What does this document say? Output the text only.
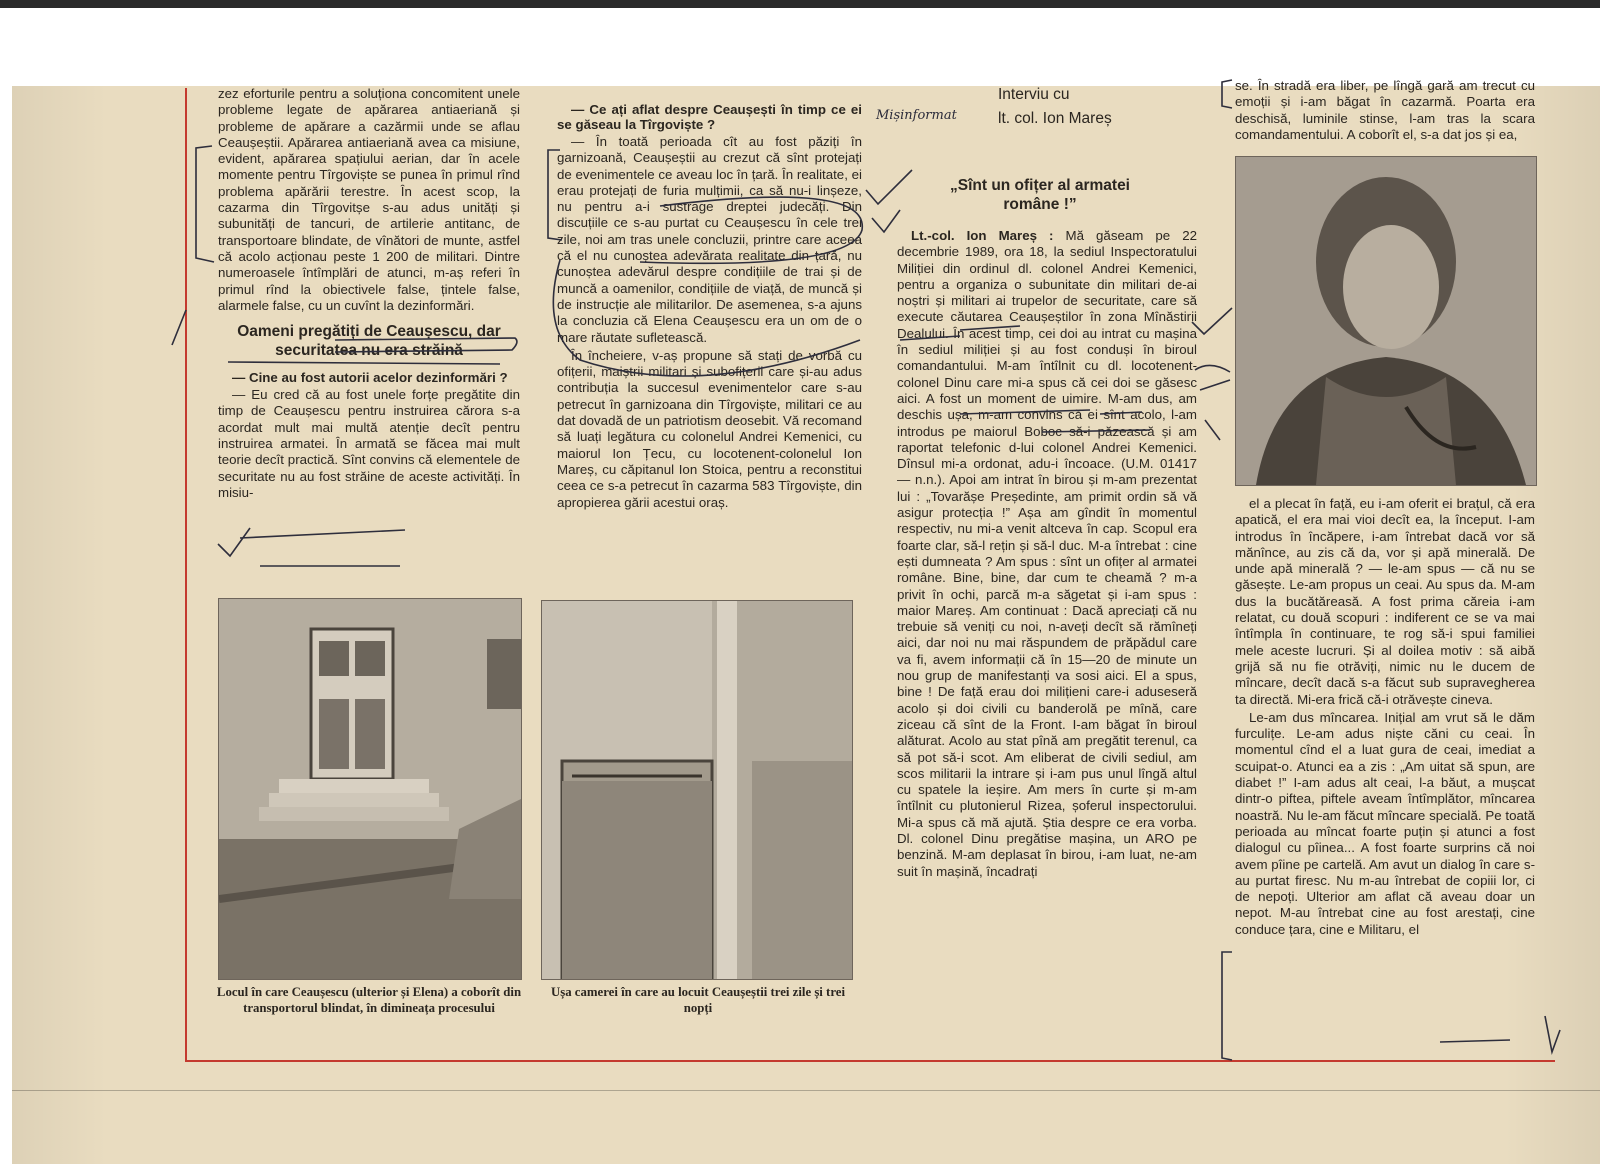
zez eforturile pentru a soluționa concomitent unele probleme legate de apărarea antiaeriană și probleme de apărare a cazărmii unde se aflau Ceaușeștii. Apărarea antiaeriană avea ca misiune, evident, apărarea spațiului aerian, dar în acele momente pentru Tîrgoviște se punea în primul rînd problema apărării terestre. În acest scop, la cazarma din Tîrgovitșe s-au adus unități și subunități de tancuri, de artilerie antitanc, de transportoare blindate, de vînători de munte, astfel că acolo acționau peste 1 200 de militari. Dintre numeroasele întîmplări de atunci, m-aș referi în primul rînd la obiectivele false, țintele false, alarmele false, cu un cuvînt la dezinformări.

Oameni pregătiți de Ceaușescu, dar securitatea nu era străină
— Cine au fost autorii acelor dezinformări ?

— Eu cred că au fost unele forțe pregătite din timp de Ceaușescu pentru instruirea cărora s-a acordat mult mai multă atenție decît pentru instruirea armatei. În armată se făcea mai mult teorie decît practică. Sînt convins că elementele de securitate nu au fost străine de aceste activități. În misiu-

— Ce ați aflat despre Ceaușești în timp ce ei se găseau la Tîrgoviște ?

— În toată perioada cît au fost păziți în garnizoană, Ceaușeștii au crezut că sînt protejați de evenimentele ce aveau loc în țară. În realitate, ei erau protejați de furia mulțimii, ca să nu-i linșeze, nu pentru a-i sustrage dreptei judecăți. Din discuțiile ce s-au purtat cu Ceaușescu în cele trei zile, noi am tras unele concluzii, printre care aceea că el nu cunoștea adevărata realitate din țară, nu cunoștea adevărul despre condițiile de trai și de muncă a oamenilor, condițiile de viață, de muncă și de instrucție ale militarilor. De asemenea, s-a ajuns la concluzia că Elena Ceaușescu era un om de o mare răutate sufletească.

În încheiere, v-aș propune să stați de vorbă cu ofițerii, maiștrii militari și subofițerii care și-au adus contribuția la succesul evenimentelor care s-au petrecut în garnizoana din Tîrgoviște, militari ce au dat dovadă de un patriotism deosebit. Vă recomand să luați legătura cu colonelul Andrei Kemenici, cu maiorul Ion Țecu, cu locotenent-colonelul Ion Mareș, cu căpitanul Ion Stoica, pentru a reconstitui ceea ce s-a petrecut în cazarma 583 Tîrgoviște, din apropierea gării acestui oraș.

Interviu cu
lt. col. Ion Mareș
„Sînt un ofițer al armatei române !”

Lt.-col. Ion Mareș : Mă găseam pe 22 decembrie 1989, ora 18, la sediul Inspectoratului Miliției din ordinul dl. colonel Andrei Kemenici, pentru a organiza o subunitate din militari de-ai noștri și militari ai trupelor de securitate, care să execute căutarea Ceaușeștilor în zona Mînăstirii Dealului. În acest timp, cei doi au intrat cu mașina în sediul miliției și au fost conduși în biroul comandantului. M-am întîlnit cu dl. locotenent-colonel Dinu care mi-a spus că cei doi se găsesc aici. A fost un moment de uimire. M-am dus, am deschis ușa, m-am convins că ei sînt acolo, l-am introdus pe maiorul Boboc să-i păzească și am raportat telefonic d-lui colonel Andrei Kemenici. Dînsul mi-a ordonat, adu-i încoace. (U.M. 01417 — n.n.). Apoi am intrat în birou și m-am prezentat lui : „Tovarășe Președinte, am primit ordin să vă asigur protecția !” Așa am gîndit în momentul respectiv, nu mi-a venit altceva în cap. Scopul era foarte clar, să-l rețin și să-l duc. M-a întrebat : cine ești dumneata ? Am spus : sînt un ofițer al armatei române. Bine, bine, dar cum te cheamă ? m-a privit în ochi, parcă m-a săgetat și i-am spus : maior Mareș. Am continuat : Dacă apreciați că nu trebuie să veniți cu noi, n-aveți decît să rămîneți aici, dar noi nu mai răspundem de prăpădul care va fi, avem informații că în 15—20 de minute un nou grup de manifestanți va sosi aici. El a spus, bine ! De față erau doi milițieni care-i aduseseră acolo și doi civili cu banderolă pe mînă, care ziceau că sînt de la Front. I-am băgat în biroul alăturat. Acolo au stat pînă am pregătit terenul, ca să pot să-i scot. Am eliberat de civili sediul, am scos militarii la intrare și i-am pus unul lîngă altul cu spatele la ieșire. Am mers în curte și m-am întîlnit cu plutonierul Rizea, șoferul inspectorului. Mi-a spus că mă ajută. Știa despre ce era vorba. Dl. colonel Dinu pregătise mașina, un ARO pe benzină. M-am deplasat în birou, i-am luat, ne-am suit în mașină, încadrați

se. În stradă era liber, pe lîngă gară am trecut cu emoții și i-am băgat în cazarmă. Poarta era deschisă, luminile stinse, l-am tras la scara comandamentului. A coborît el, s-a dat jos și ea,

el a plecat în față, eu i-am oferit ei brațul, că era apatică, el era mai vioi decît ea, la început. I-am introdus în încăpere, i-am întrebat dacă vor să mănînce, au zis că da, vor și apă minerală. De unde apă minerală ? — le-am spus — că nu se găsește. Le-am propus un ceai. Au spus da. M-am dus la bucătăreasă. A fost prima căreia i-am relatat, cu două scopuri : indiferent ce se va mai întîmpla în continuare, te rog să-i spui familiei mele aceste lucruri. Și al doilea motiv : să aibă grijă să nu fie otrăviți, nimic nu le ducem de mîncare, decît dacă s-a făcut sub supravegherea ta directă. Mi-era frică că-i otrăvește cineva.

Le-am dus mîncarea. Inițial am vrut să le dăm furculițe. Le-am adus niște căni cu ceai. În momentul cînd el a luat gura de ceai, imediat a scuipat-o. Atunci ea a zis : „Am uitat să spun, are diabet !” I-am adus alt ceai, l-a băut, a mușcat dintr-o piftea, piftele aveam întîmplător, mîncarea noastră. Nu le-am făcut mîncare specială. Pe toată perioada au mîncat foarte puțin și atunci a fost dialogul cu pîinea... A fost foarte surprins că noi avem pîine pe cartelă. Am avut un dialog în care s-au purtat firesc. Nu m-au întrebat de copiii lor, ci de nepoți. Ulterior am aflat că aveau doar un nepot. M-au întrebat cine au fost arestați, cine conduce țara, cine e Militaru, el

Locul în care Ceaușescu (ulterior și Elena) a coborît din transportorul blindat, în dimineața procesului
Ușa camerei în care au locuit Ceaușeștii trei zile și trei nopți
Mișinformat
